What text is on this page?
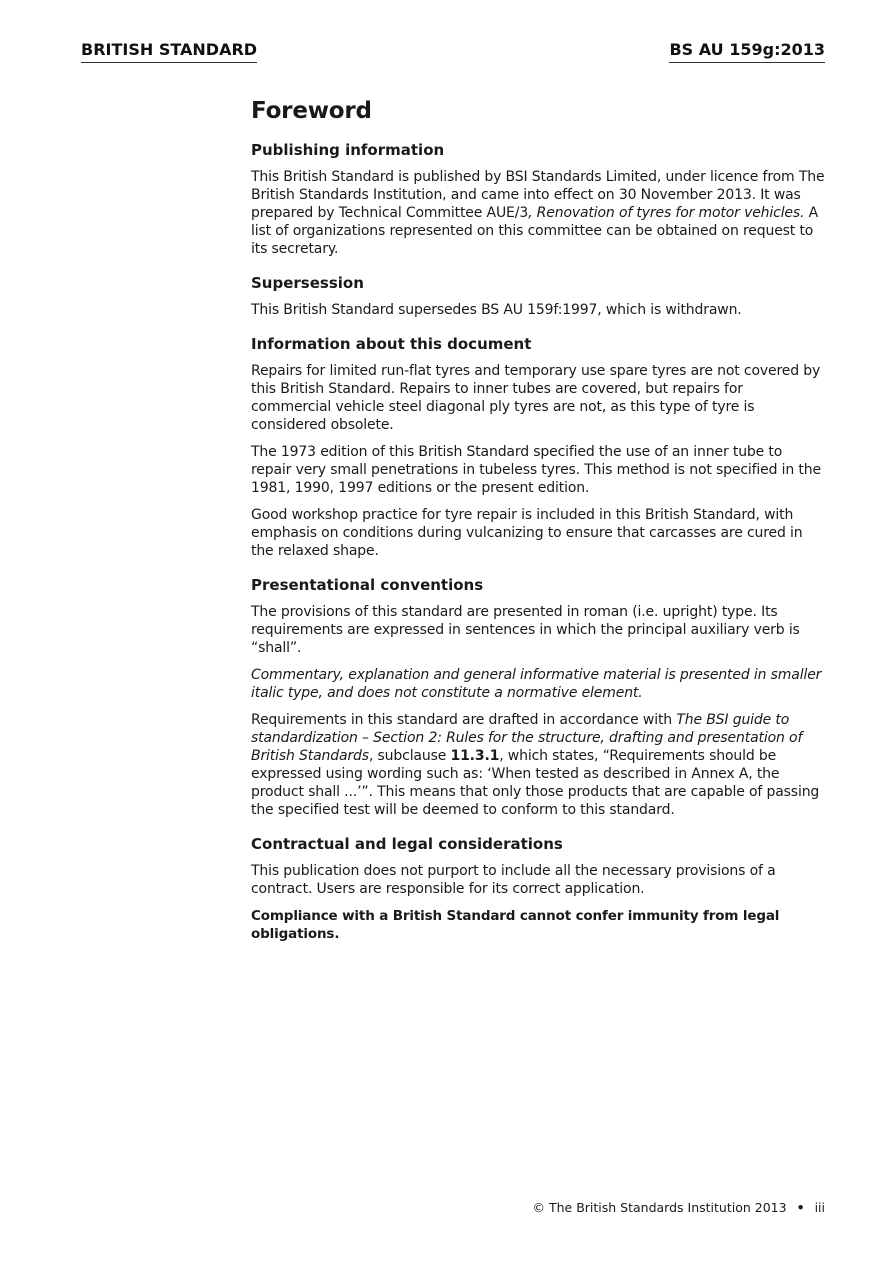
BRITISH STANDARD	BS AU 159g:2013
Foreword
Publishing information

This British Standard is published by BSI Standards Limited, under licence from The British Standards Institution, and came into effect on 30 November 2013. It was prepared by Technical Committee AUE/3, Renovation of tyres for motor vehicles. A list of organizations represented on this committee can be obtained on request to its secretary.

Supersession

This British Standard supersedes BS AU 159f:1997, which is withdrawn.

Information about this document

Repairs for limited run-flat tyres and temporary use spare tyres are not covered by this British Standard. Repairs to inner tubes are covered, but repairs for commercial vehicle steel diagonal ply tyres are not, as this type of tyre is considered obsolete.

The 1973 edition of this British Standard specified the use of an inner tube to repair very small penetrations in tubeless tyres. This method is not specified in the 1981, 1990, 1997 editions or the present edition.

Good workshop practice for tyre repair is included in this British Standard, with emphasis on conditions during vulcanizing to ensure that carcasses are cured in the relaxed shape.

Presentational conventions

The provisions of this standard are presented in roman (i.e. upright) type. Its requirements are expressed in sentences in which the principal auxiliary verb is “shall”.

Commentary, explanation and general informative material is presented in smaller italic type, and does not constitute a normative element.

Requirements in this standard are drafted in accordance with The BSI guide to standardization – Section 2: Rules for the structure, drafting and presentation of British Standards, subclause 11.3.1, which states, “Requirements should be expressed using wording such as: ‘When tested as described in Annex A, the product shall ...’”. This means that only those products that are capable of passing the specified test will be deemed to conform to this standard.

Contractual and legal considerations

This publication does not purport to include all the necessary provisions of a contract. Users are responsible for its correct application.

Compliance with a British Standard cannot confer immunity from legal obligations.

© The British Standards Institution 2013 • iii
